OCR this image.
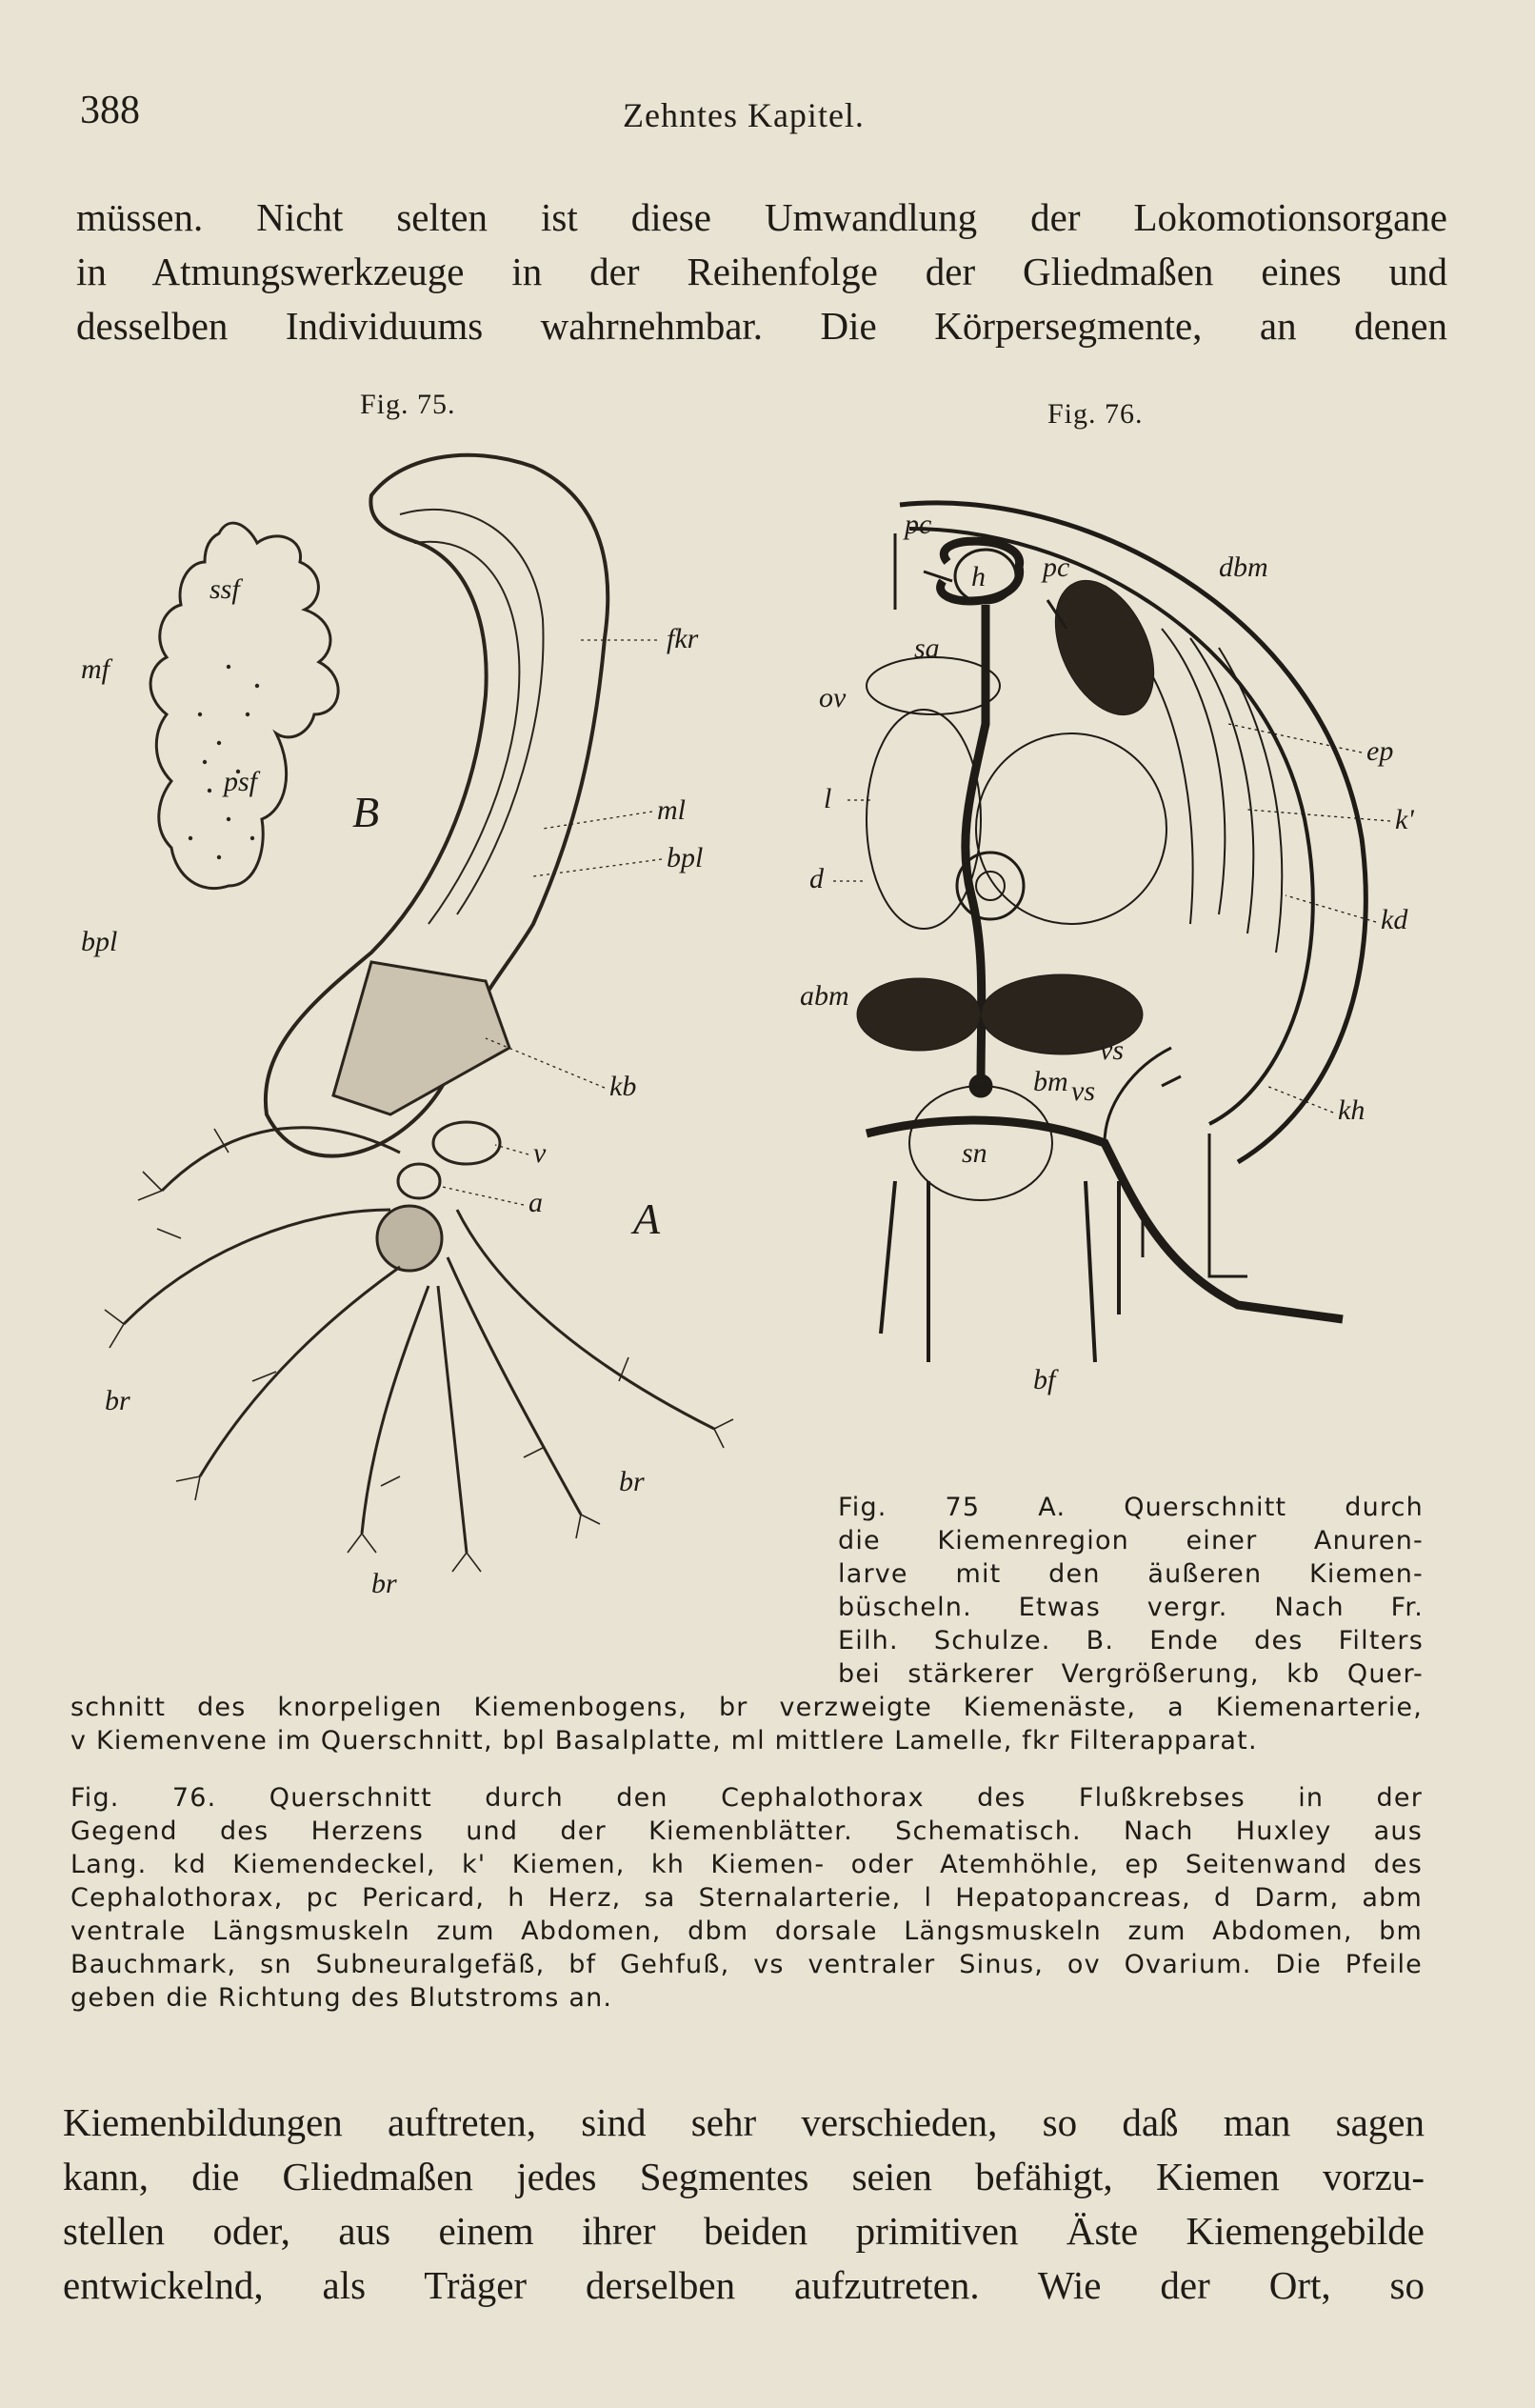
388	Zehntes Kapitel.
müssen. Nicht selten ist diese Umwandlung der Lokomotionsorgane
in Atmungswerkzeuge in der Reihenfolge der Gliedmaßen eines und
desselben Individuums wahrnehmbar. Die Körpersegmente, an denen
Fig. 75.	Fig. 76.
ssf
mf
psf
bpl
B
fkr
ml
bpl
kb
v
a A
br
br
br
pc
pc
h	dbm
sa
ov
ep
l
k'
d
kd
abm
vs
bm vs
kh
sn
bf
Fig. 75 A. Querschnitt durch
die Kiemenregion einer Anuren-
larve mit den äußeren Kiemen-
büscheln. Etwas vergr. Nach Fr.
Eilh. Schulze. B. Ende des Filters
bei stärkerer Vergrößerung, kb Quer-
schnitt des knorpeligen Kiemenbogens, br verzweigte Kiemenäste, a Kiemenarterie,
v Kiemenvene im Querschnitt, bpl Basalplatte, ml mittlere Lamelle, fkr Filterapparat.
Fig. 76. Querschnitt durch den Cephalothorax des Flußkrebses in der
Gegend des Herzens und der Kiemenblätter. Schematisch. Nach Huxley aus
Lang. kd Kiemendeckel, k' Kiemen, kh Kiemen- oder Atemhöhle, ep Seitenwand des
Cephalothorax, pc Pericard, h Herz, sa Sternalarterie, l Hepatopancreas, d Darm, abm
ventrale Längsmuskeln zum Abdomen, dbm dorsale Längsmuskeln zum Abdomen, bm
Bauchmark, sn Subneuralgefäß, bf Gehfuß, vs ventraler Sinus, ov Ovarium. Die Pfeile
geben die Richtung des Blutstroms an.
Kiemenbildungen auftreten, sind sehr verschieden, so daß man sagen
kann, die Gliedmaßen jedes Segmentes seien befähigt, Kiemen vorzu-
stellen oder, aus einem ihrer beiden primitiven Äste Kiemengebilde
entwickelnd, als Träger derselben aufzutreten. Wie der Ort, so
